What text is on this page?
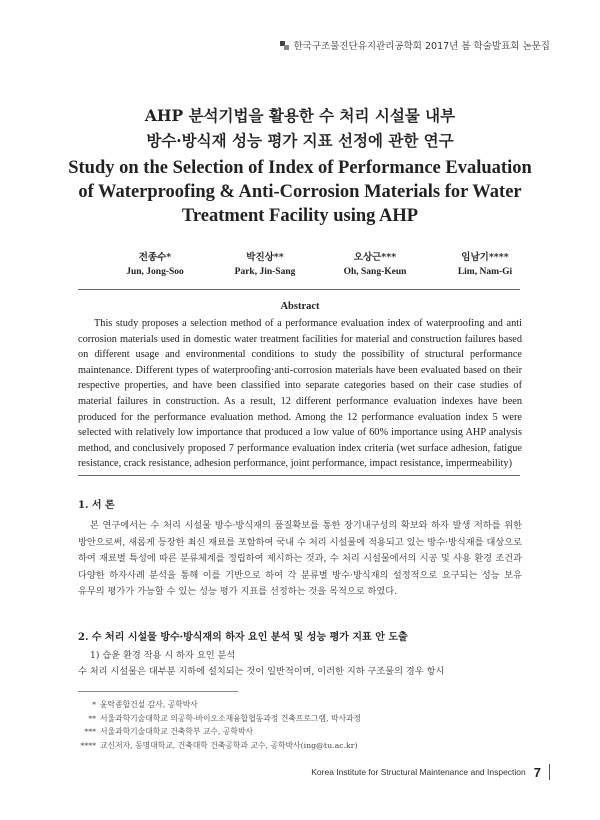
한국구조물진단유지관리공학회 2017년 봄 학술발표회 논문집
AHP 분석기법을 활용한 수 처리 시설물 내부
방수·방식재 성능 평가 지표 선정에 관한 연구
Study on the Selection of Index of Performance Evaluation
of Waterproofing & Anti-Corrosion Materials for Water
Treatment Facility using AHP
전종수*
Jun, Jong-Soo
박진상**
Park, Jin-Sang
오상근***
Oh, Sang-Keun
임남기****
Lim, Nam-Gi
Abstract
This study proposes a selection method of a performance evaluation index of waterproofing and anti corrosion materials used in domestic water treatment facilities for material and construction failures based on different usage and environmental conditions to study the possibility of structural performance maintenance. Different types of waterproofing·anti-corrosion materials have been evaluated based on their respective properties, and have been classified into separate categories based on their case studies of material failures in construction. As a result, 12 different performance evaluation indexes have been produced for the performance evaluation method. Among the 12 performance evaluation index 5 were selected with relatively low importance that produced a low value of 60% importance using AHP analysis method, and conclusively proposed 7 performance evaluation index criteria (wet surface adhesion, fatigue resistance, crack resistance, adhesion performance, joint performance, impact resistance, impermeability)
1. 서 론
본 연구에서는 수 처리 시설물 방수·방식재의 품질확보를 통한 장기내구성의 확보와 하자 발생 저하를 위한 방안으로써, 새롭게 등장한 최신 재료를 포함하여 국내 수 처리 시설물에 적용되고 있는 방수·방식재를 대상으로 하여 재료별 특성에 따른 분류체계를 정립하여 제시하는 것과, 수 처리 시설물에서의 시공 및 사용 환경 조건과 다양한 하자사례 분석을 통해 이를 기반으로 하여 각 분류별 방수·방식재의 설정적으로 요구되는 성능 보유 유무의 평가가 가능할 수 있는 성능 평가 지표를 선정하는 것을 목적으로 하였다.
2. 수 처리 시설물 방수·방식재의 하자 요인 분석 및 성능 평가 지표 안 도출
1) 습윤 환경 작용 시 하자 요인 분석
수 처리 시설물은 대부분 지하에 설치되는 것이 일반적이며, 이러한 지하 구조물의 경우 항시
* 윤탁종합건설 감사, 공학박사
** 서울과학기술대학교 의공학-바이오소재융합협동과정 건축프로그램, 박사과정
*** 서울과학기술대학교 건축학부 교수, 공학박사
**** 교신저자, 동명대학교, 건축대학 건축공학과 교수, 공학박사(ing@tu.ac.kr)
Korea Institute for Structural Maintenance and Inspection 7
